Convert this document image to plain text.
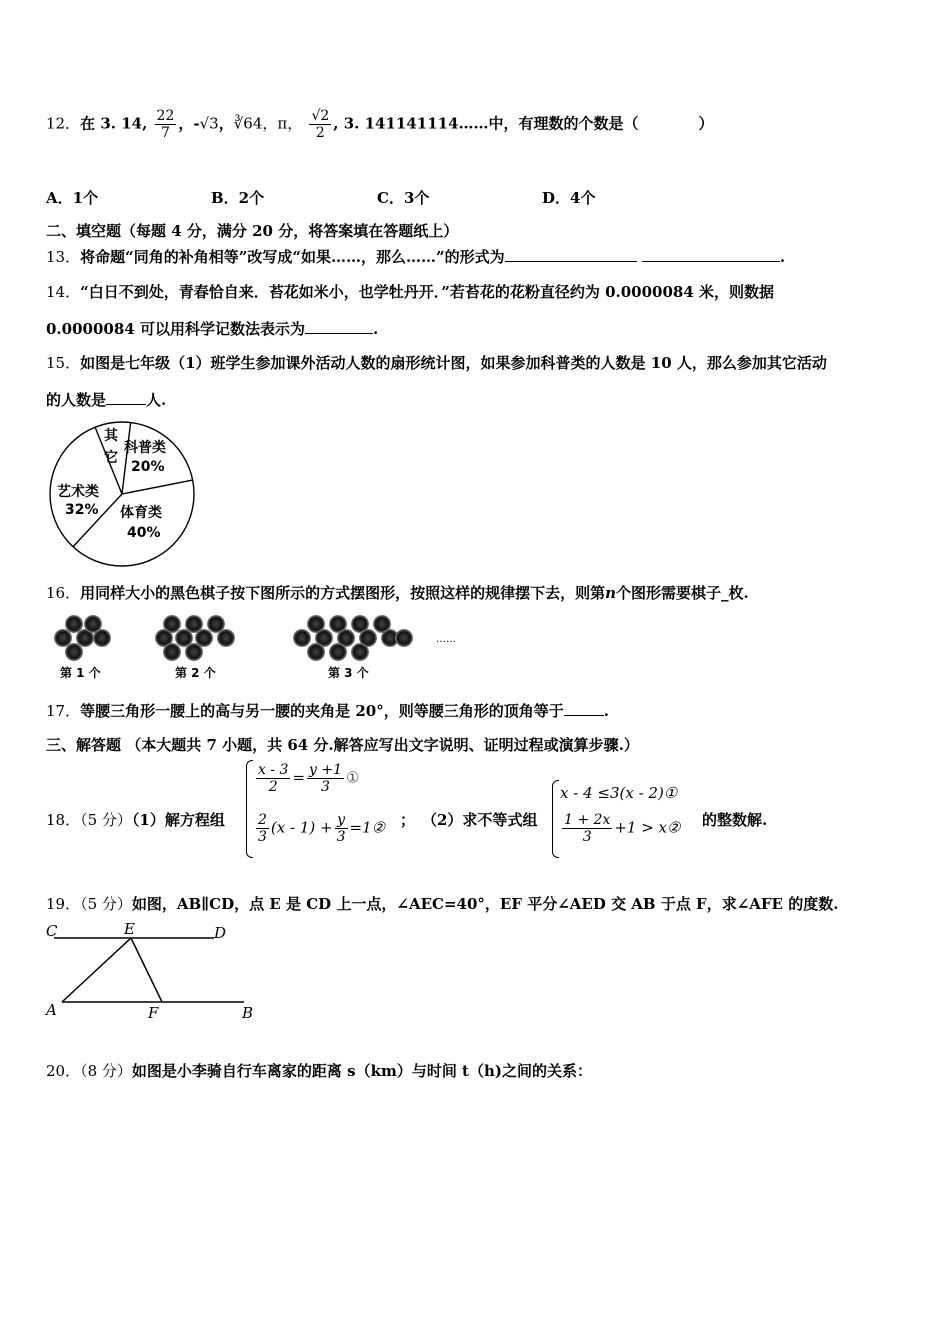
12．在 3. 14, $\frac{22}{7}$ ，-√3，∛64，π， $\frac{√2}{2}$ , 3. 141141114……中，有理数的个数是（　　　　）
A．1个	B．2个	C．3个	D．4个
二、填空题（每题 4 分，满分 20 分，将答案填在答题纸上）
13．将命题“同角的补角相等”改写成“如果……，那么……”的形式为	.
14．“白日不到处，青春恰自来．苔花如米小，也学牡丹开．”若苔花的花粉直径约为 0.0000084 米，则数据
0.0000084 可以用科学记数法表示为	.
15．如图是七年级（1）班学生参加课外活动人数的扇形统计图，如果参加科普类的人数是 10 人，那么参加其它活动
的人数是	人.
科普类
20%
体育类
40%
艺术类
32%
其
它
16．用同样大小的黑色棋子按下图所示的方式摆图形，按照这样的规律摆下去，则第n个图形需要棋子_枚.
第 1 个	第 2 个	第 3 个
……
17．等腰三角形一腰上的高与另一腰的夹角是 20°，则等腰三角形的顶角等于	.
三、解答题 （本大题共 7 小题，共 64 分.解答应写出文字说明、证明过程或演算步骤.）
18．（5 分）（1）解方程组
$\frac{x - 3}{2} = \frac{y +1}{3}$ ①
$\frac{2}{3} (x - 1) + \frac{y}{3}$ =1② ； （2）求不等式组
x - 4 ≤3(x - 2)①
$\frac{1 + 2x}{3} +1$ > x② 的整数解.
19．（5 分）如图，AB∥CD，点 E 是 CD 上一点，∠AEC=40°，EF 平分∠AED 交 AB 于点 F，求∠AFE 的度数.
C	E	D
A	F	B
20．（8 分）如图是小李骑自行车离家的距离 s（km）与时间 t（h)之间的关系：
